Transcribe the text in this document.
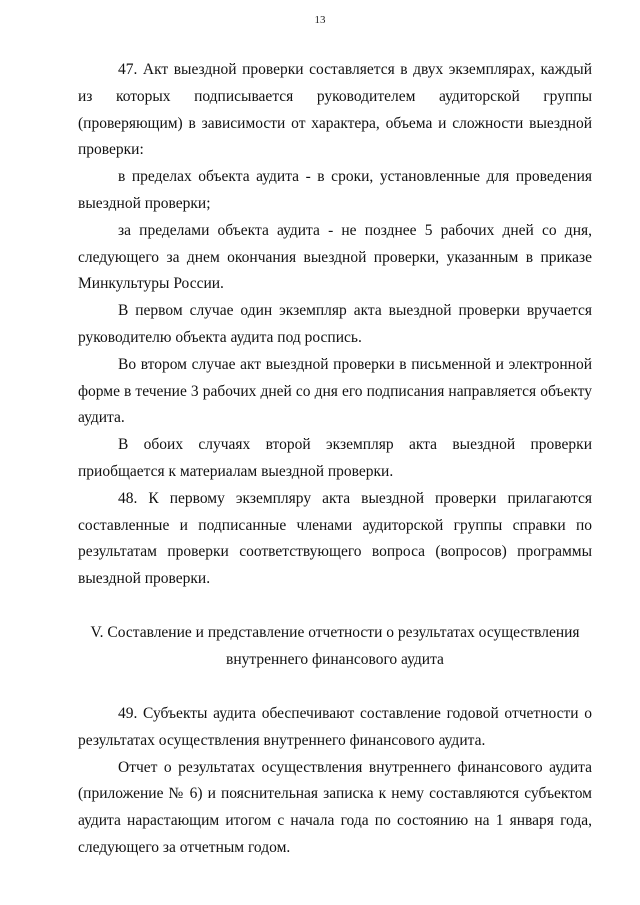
13

47. Акт выездной проверки составляется в двух экземплярах, каждый из которых подписывается руководителем аудиторской группы (проверяющим) в зависимости от характера, объема и сложности выездной проверки:

в пределах объекта аудита - в сроки, установленные для проведения выездной проверки;

за пределами объекта аудита - не позднее 5 рабочих дней со дня, следующего за днем окончания выездной проверки, указанным в приказе Минкультуры России.

В первом случае один экземпляр акта выездной проверки вручается руководителю объекта аудита под роспись.

Во втором случае акт выездной проверки в письменной и электронной форме в течение 3 рабочих дней со дня его подписания направляется объекту аудита.

В обоих случаях второй экземпляр акта выездной проверки приобщается к материалам выездной проверки.

48. К первому экземпляру акта выездной проверки прилагаются составленные и подписанные членами аудиторской группы справки по результатам проверки соответствующего вопроса (вопросов) программы выездной проверки.

V. Составление и представление отчетности о результатах осуществления
внутреннего финансового аудита

49. Субъекты аудита обеспечивают составление годовой отчетности о результатах осуществления внутреннего финансового аудита.

Отчет о результатах осуществления внутреннего финансового аудита (приложение № 6) и пояснительная записка к нему составляются субъектом аудита нарастающим итогом с начала года по состоянию на 1 января года, следующего за отчетным годом.
